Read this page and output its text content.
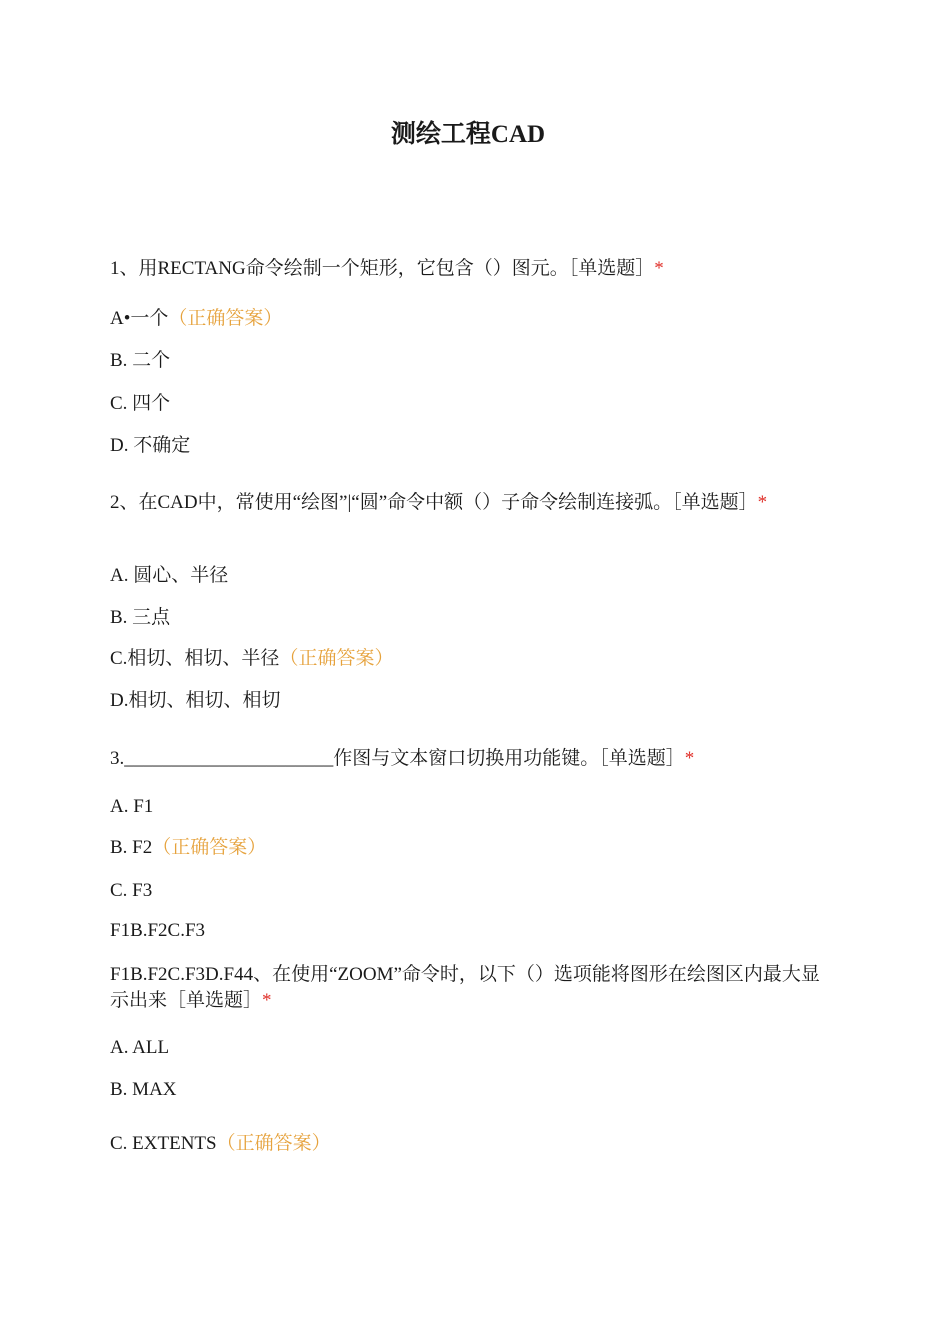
测绘工程CAD
1、用RECTANG命令绘制一个矩形，它包含（）图元。［单选题］*
A•一个（正确答案）
B. 二个
C. 四个
D. 不确定
2、在CAD中，常使用“绘图”|“圆”命令中额（）子命令绘制连接弧。［单选题］*
A. 圆心、半径
B. 三点
C.相切、相切、半径（正确答案）
D.相切、相切、相切
3.______________________作图与文本窗口切换用功能键。［单选题］*
A. F1
B. F2（正确答案）
C. F3
F1B.F2C.F3
F1B.F2C.F3D.F44、在使用“ZOOM”命令时，以下（）选项能将图形在绘图区内最大显示出来［单选题］*
A. ALL
B. MAX
C. EXTENTS（正确答案）
